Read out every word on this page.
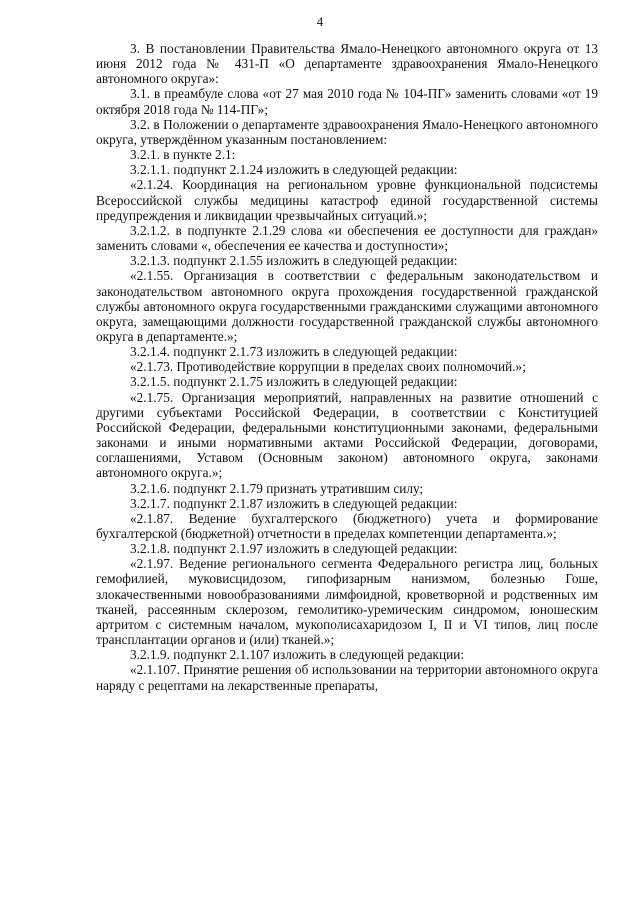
4

3. В постановлении Правительства Ямало-Ненецкого автономного округа от 13 июня 2012 года № 431-П «О департаменте здравоохранения Ямало-Ненецкого автономного округа»:

3.1. в преамбуле слова «от 27 мая 2010 года № 104-ПГ» заменить словами «от 19 октября 2018 года № 114-ПГ»;

3.2. в Положении о департаменте здравоохранения Ямало-Ненецкого автономного округа, утверждённом указанным постановлением:

3.2.1. в пункте 2.1:

3.2.1.1. подпункт 2.1.24 изложить в следующей редакции:

«2.1.24. Координация на региональном уровне функциональной подсистемы Всероссийской службы медицины катастроф единой государственной системы предупреждения и ликвидации чрезвычайных ситуаций.»;

3.2.1.2. в подпункте 2.1.29 слова «и обеспечения ее доступности для граждан» заменить словами «, обеспечения ее качества и доступности»;

3.2.1.3. подпункт 2.1.55 изложить в следующей редакции:

«2.1.55. Организация в соответствии с федеральным законодательством и законодательством автономного округа прохождения государственной гражданской службы автономного округа государственными гражданскими служащими автономного округа, замещающими должности государственной гражданской службы автономного округа в департаменте.»;

3.2.1.4. подпункт 2.1.73 изложить в следующей редакции:

«2.1.73. Противодействие коррупции в пределах своих полномочий.»;

3.2.1.5. подпункт 2.1.75 изложить в следующей редакции:

«2.1.75. Организация мероприятий, направленных на развитие отношений с другими субъектами Российской Федерации, в соответствии с Конституцией Российской Федерации, федеральными конституционными законами, федеральными законами и иными нормативными актами Российской Федерации, договорами, соглашениями, Уставом (Основным законом) автономного округа, законами автономного округа.»;

3.2.1.6. подпункт 2.1.79 признать утратившим силу;

3.2.1.7. подпункт 2.1.87 изложить в следующей редакции:

«2.1.87. Ведение бухгалтерского (бюджетного) учета и формирование бухгалтерской (бюджетной) отчетности в пределах компетенции департамента.»;

3.2.1.8. подпункт 2.1.97 изложить в следующей редакции:

«2.1.97. Ведение регионального сегмента Федерального регистра лиц, больных гемофилией, муковисцидозом, гипофизарным нанизмом, болезнью Гоше, злокачественными новообразованиями лимфоидной, кроветворной и родственных им тканей, рассеянным склерозом, гемолитико-уремическим синдромом, юношеским артритом с системным началом, мукополисахаридозом I, II и VI типов, лиц после трансплантации органов и (или) тканей.»;

3.2.1.9. подпункт 2.1.107 изложить в следующей редакции:

«2.1.107. Принятие решения об использовании на территории автономного округа наряду с рецептами на лекарственные препараты,
